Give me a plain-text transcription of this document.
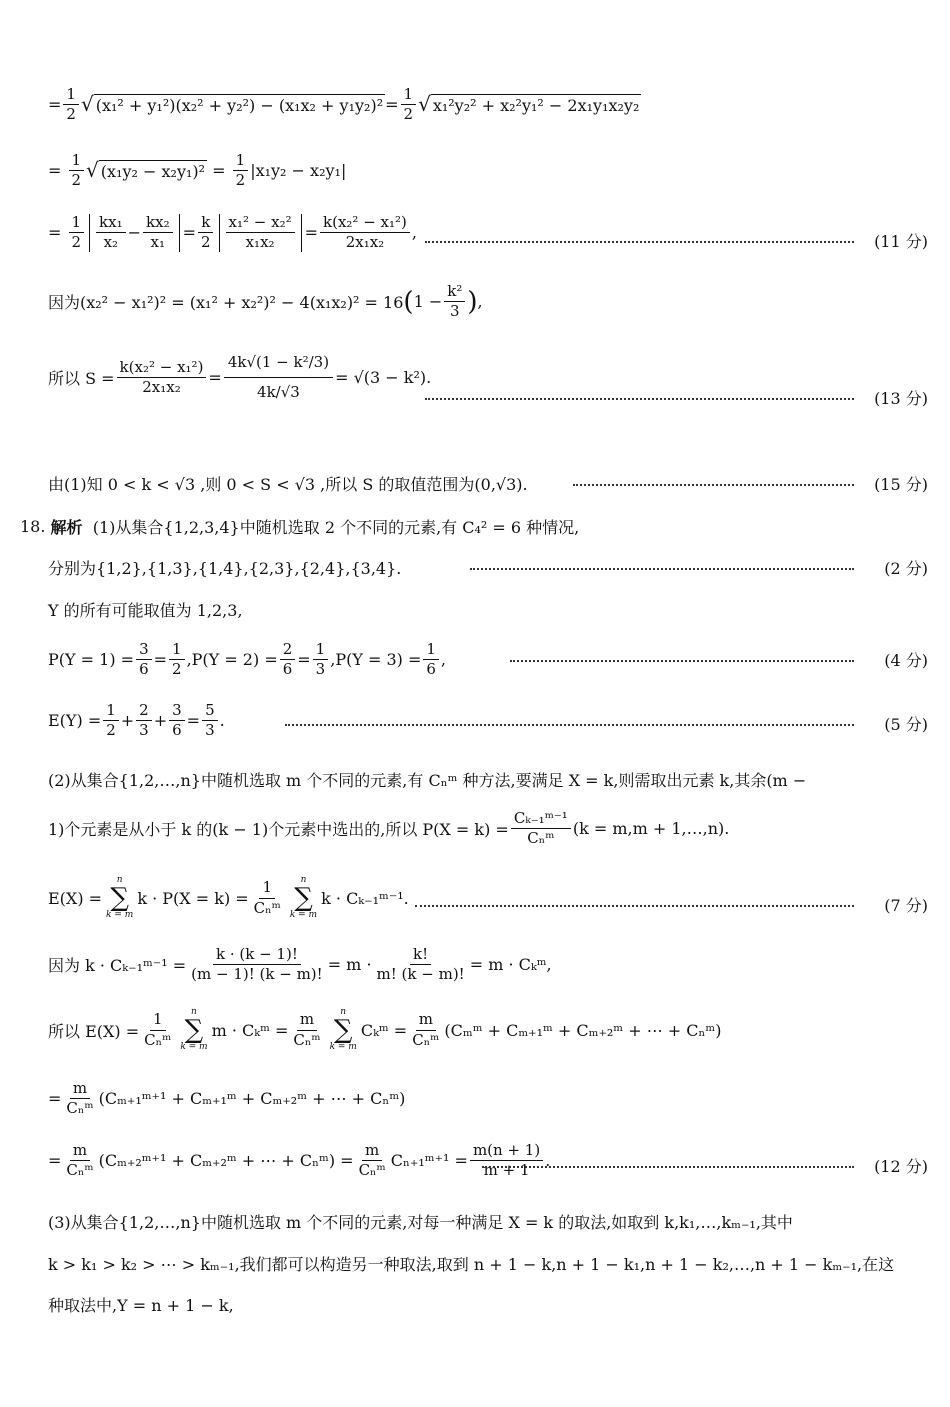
= $\frac{1}{2}$ √ $(x_1^2 + y_1^2)(x_2^2 + y_2^2) - (x_1x_2 + y_1y_2)^2 = \frac{1}{2}$ √ x₁²y₂² + x₂²y₁² − 2x₁y₁x₂y₂
= $\frac{1}{2}$ √ $(x_1y_2 - x_2y_1)^2 = \frac{1}{2} |x_1y_2 - x_2y_1|$
= $\frac{1}{2} \frac{\text{kx₁}}{\text{x₂}} - \frac{\text{kx₂}}{\text{x₁}} = \frac{k}{2} \frac{\text{x₁² − x₂²}}{\text{x₁x₂}} = \frac{\text{k(x₂² − x₁²)}}{\text{2x₁x₂}}$ ,	(11 分)
因为(x₂² − x₁²)² = (x₁² + x₂²)² − 4(x₁x₂)² = 16 ( $1 - \frac{\text{k²}}{3}$ ) ,
所以 $S = \frac{\text{k(x₂² − x₁²)}}{\text{2x₁x₂}} = \frac{\text{4k√(1 − k²/3)}}{4k/√3} = √(3 - k^2)$.
(13 分)
由(1)知 0 < k < √3 ,则 0 < S < √3 ,所以 S 的取值范围为(0,√3).	(15 分)
18.
解析
(1)从集合{1,2,3,4}中随机选取 2 个不同的元素,有 C₄² = 6 种情况,
分别为{1,2},{1,3},{1,4},{2,3},{2,4},{3,4}.	(2 分)
Y 的所有可能取值为 1,2,3,
$P(Y = 1) = \frac{3}{6} = \frac{1}{2}$ , $P(Y = 2) = \frac{2}{6} = \frac{1}{3}$ , $P(Y = 3) = \frac{1}{6}$ ,	(4 分)
$E(Y) = \frac{1}{2} + \frac{2}{3} + \frac{3}{6} = \frac{5}{3}$ .	(5 分)
(2)从集合{1,2,…,n}中随机选取 m 个不同的元素,有 Cₙᵐ 种方法,要满足 X = k,则需取出元素 k,其余(m −
1)个元素是从小于 k 的(k − 1)个元素中选出的,所以 $P(X = k) = \frac{\text{Cₖ₋₁ᵐ⁻¹}}{\text{Cₙᵐ}} (k = m,m$ + 1,…,n).
E(X) =
n
∑
k = m
$k \cdot P(X = k) = \frac{1}{\text{Cₙᵐ}}$ n
∑
k = m
k · Cₖ₋₁ᵐ⁻¹.	(7 分)
因为 k · Cₖ₋₁ᵐ⁻¹ = $\frac{k \cdot (k - 1)!}{(m - 1)! (k - m)!} = m \cdot \frac{k!}{m! (k - m)!} = m$ · Cₖᵐ,
所以 $E(X) = \frac{1}{\text{Cₙᵐ}}$ n
∑
k = m
m · Cₖᵐ = $\frac{m}{\text{Cₙᵐ}}$ n
∑
k = m
Cₖᵐ = $\frac{m}{\text{Cₙᵐ}}$ (Cₘᵐ + Cₘ₊₁ᵐ + Cₘ₊₂ᵐ + ⋯ + Cₙᵐ)
= $\frac{m}{\text{Cₙᵐ}}$ (Cₘ₊₁ᵐ⁺¹ + Cₘ₊₁ᵐ + Cₘ₊₂ᵐ + ⋯ + Cₙᵐ)
= $\frac{m}{\text{Cₙᵐ}}$ (Cₘ₊₂ᵐ⁺¹ + Cₘ₊₂ᵐ + ⋯ + Cₙᵐ) = $\frac{m}{\text{Cₙᵐ}}$ Cₙ₊₁ᵐ⁺¹ = $\frac{m(n + 1)}{m + 1}$ .	(12 分)
(3)从集合{1,2,…,n}中随机选取 m 个不同的元素,对每一种满足 X = k 的取法,如取到 k,k₁,…,kₘ₋₁,其中
k > k₁ > k₂ > ⋯ > kₘ₋₁,我们都可以构造另一种取法,取到 n + 1 − k,n + 1 − k₁,n + 1 − k₂,…,n + 1 − kₘ₋₁,在这
种取法中,Y = n + 1 − k,
